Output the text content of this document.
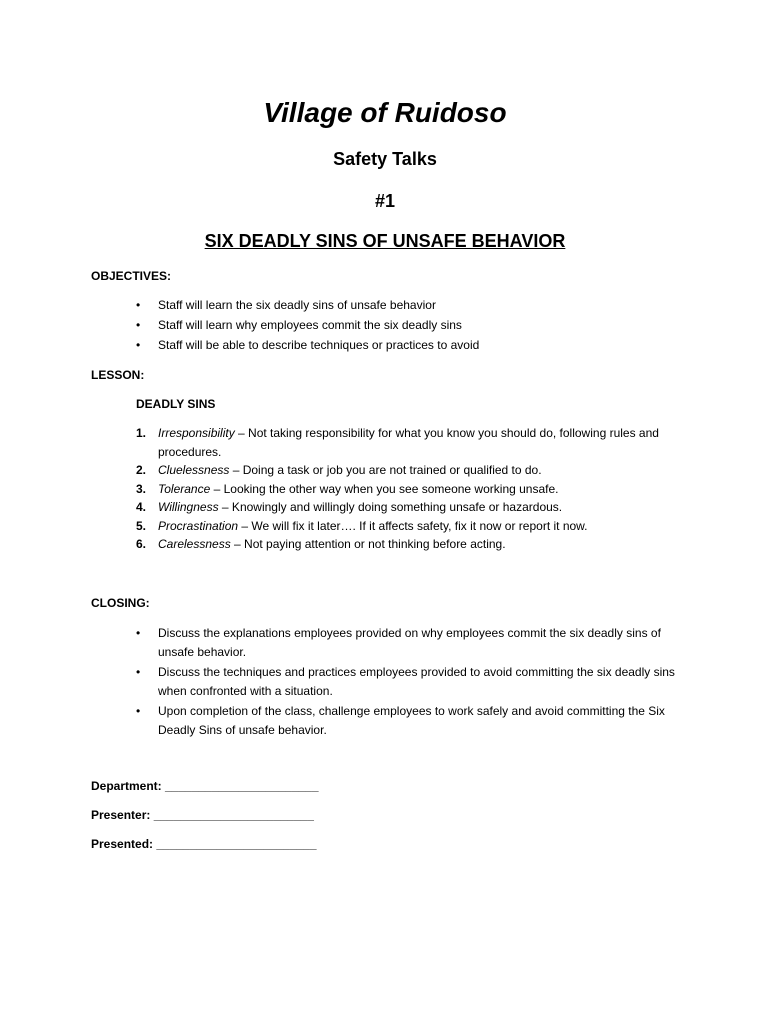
Village of Ruidoso
Safety Talks
#1
SIX DEADLY SINS OF UNSAFE BEHAVIOR
OBJECTIVES:
• Staff will learn the six deadly sins of unsafe behavior
• Staff will learn why employees commit the six deadly sins
• Staff will be able to describe techniques or practices to avoid
LESSON:
DEADLY SINS
1. Irresponsibility – Not taking responsibility for what you know you should do, following rules and procedures.
2. Cluelessness – Doing a task or job you are not trained or qualified to do.
3. Tolerance – Looking the other way when you see someone working unsafe.
4. Willingness – Knowingly and willingly doing something unsafe or hazardous.
5. Procrastination – We will fix it later…. If it affects safety, fix it now or report it now.
6. Carelessness – Not paying attention or not thinking before acting.
CLOSING:
• Discuss the explanations employees provided on why employees commit the six deadly sins of unsafe behavior.
• Discuss the techniques and practices employees provided to avoid committing the six deadly sins when confronted with a situation.
• Upon completion of the class, challenge employees to work safely and avoid committing the Six Deadly Sins of unsafe behavior.
Department: _______________________
Presenter: ________________________
Presented: ________________________
